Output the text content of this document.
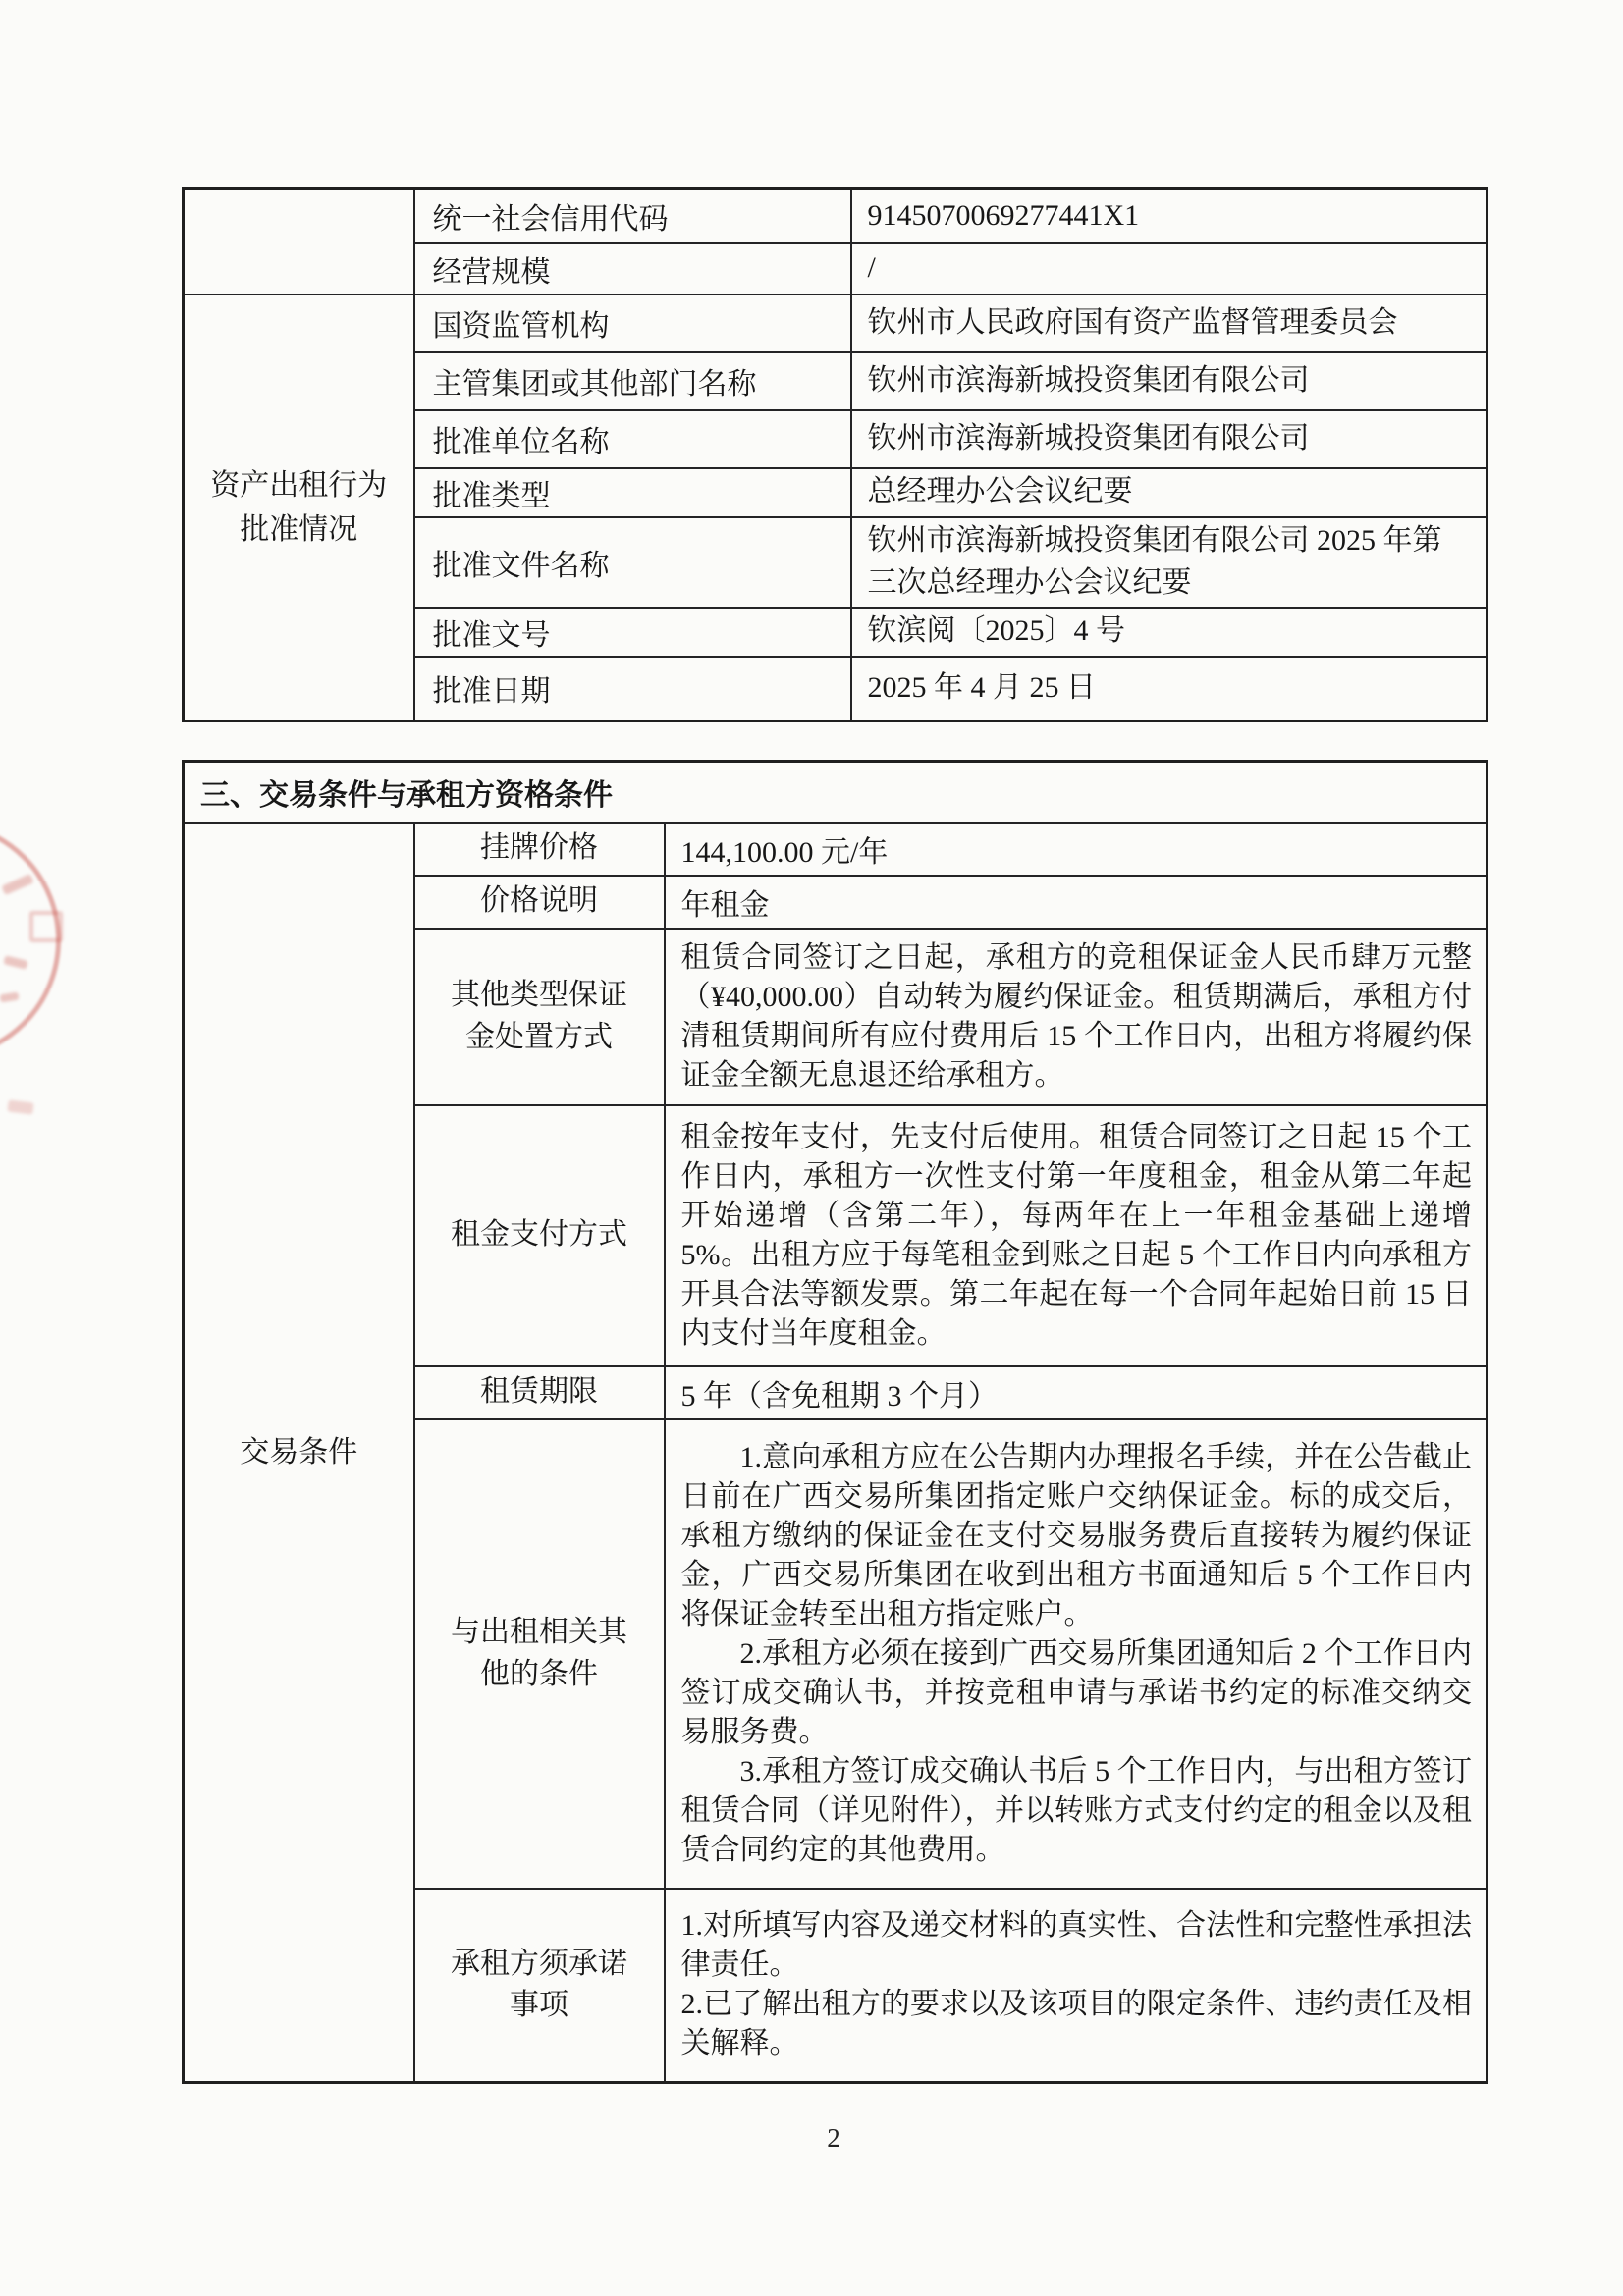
	统一社会信用代码	9145070069277441X1
	经营规模	/
资产出租行为批准情况	国资监管机构	钦州市人民政府国有资产监督管理委员会
	主管集团或其他部门名称	钦州市滨海新城投资集团有限公司
	批准单位名称	钦州市滨海新城投资集团有限公司
	批准类型	总经理办公会议纪要
	批准文件名称	钦州市滨海新城投资集团有限公司 2025 年第三次总经理办公会议纪要
	批准文号	钦滨阅〔2025〕4 号
	批准日期	2025 年 4 月 25 日
三、交易条件与承租方资格条件		
交易条件	挂牌价格	144,100.00 元/年
	价格说明	年租金
	其他类型保证金处置方式	租赁合同签订之日起，承租方的竞租保证金人民币肆万元整（¥40,000.00）自动转为履约保证金。租赁期满后，承租方付清租赁期间所有应付费用后 15 个工作日内，出租方将履约保证金全额无息退还给承租方。

	租金支付方式	租金按年支付，先支付后使用。租赁合同签订之日起 15 个工作日内，承租方一次性支付第一年度租金，租金从第二年起开始递增（含第二年），每两年在上一年租金基础上递增 5%。出租方应于每笔租金到账之日起 5 个工作日内向承租方开具合法等额发票。第二年起在每一个合同年起始日前 15 日内支付当年度租金。

	租赁期限	5 年（含免租期 3 个月）
	与出租相关其他的条件	1.意向承租方应在公告期内办理报名手续，并在公告截止日前在广西交易所集团指定账户交纳保证金。标的成交后，承租方缴纳的保证金在支付交易服务费后直接转为履约保证金，广西交易所集团在收到出租方书面通知后 5 个工作日内将保证金转至出租方指定账户。

2.承租方必须在接到广西交易所集团通知后 2 个工作日内签订成交确认书，并按竞租申请与承诺书约定的标准交纳交易服务费。

3.承租方签订成交确认书后 5 个工作日内，与出租方签订租赁合同（详见附件），并以转账方式支付约定的租金以及租赁合同约定的其他费用。

	承租方须承诺事项	1.对所填写内容及递交材料的真实性、合法性和完整性承担法律责任。

2.已了解出租方的要求以及该项目的限定条件、违约责任及相关解释。

2
